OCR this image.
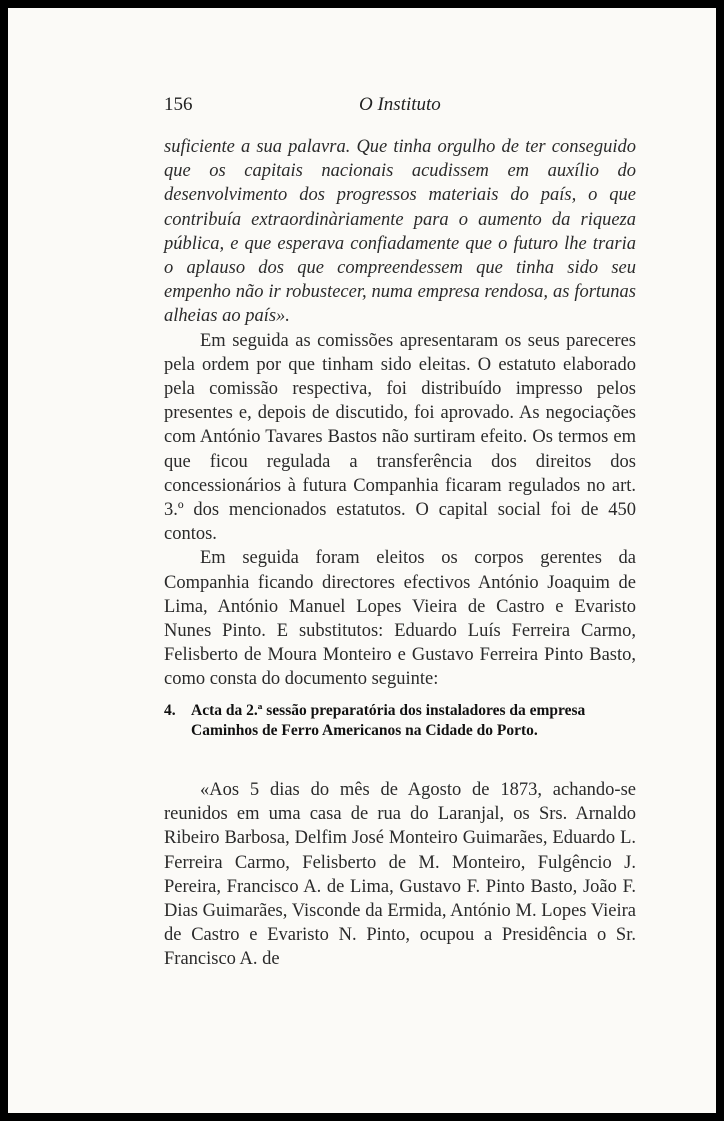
156	O Instituto

suficiente a sua palavra. Que tinha orgulho de ter conseguido que os capitais nacionais acudissem em auxílio do desenvolvimento dos progressos materiais do país, o que contribuía extraordinàriamente para o aumento da riqueza pública, e que esperava confiadamente que o futuro lhe traria o aplauso dos que compreendessem que tinha sido seu empenho não ir robustecer, numa empresa rendosa, as fortunas alheias ao país».

Em seguida as comissões apresentaram os seus pareceres pela ordem por que tinham sido eleitas. O estatuto elaborado pela comissão respectiva, foi distribuído impresso pelos presentes e, depois de discutido, foi aprovado. As negociações com António Tavares Bastos não surtiram efeito. Os termos em que ficou regulada a transferência dos direitos dos concessionários à futura Companhia ficaram regulados no art. 3.º dos mencionados estatutos. O capital social foi de 450 contos.

Em seguida foram eleitos os corpos gerentes da Companhia ficando directores efectivos António Joaquim de Lima, António Manuel Lopes Vieira de Castro e Evaristo Nunes Pinto. E substitutos: Eduardo Luís Ferreira Carmo, Felisberto de Moura Monteiro e Gustavo Ferreira Pinto Basto, como consta do documento seguinte:

4. Acta da 2.ª sessão preparatória dos instaladores da empresa Caminhos de Ferro Americanos na Cidade do Porto.

«Aos 5 dias do mês de Agosto de 1873, achando-se reunidos em uma casa de rua do Laranjal, os Srs. Arnaldo Ribeiro Barbosa, Delfim José Monteiro Guimarães, Eduardo L. Ferreira Carmo, Felisberto de M. Monteiro, Fulgêncio J. Pereira, Francisco A. de Lima, Gustavo F. Pinto Basto, João F. Dias Guimarães, Visconde da Ermida, António M. Lopes Vieira de Castro e Evaristo N. Pinto, ocupou a Presidência o Sr. Francisco A. de
